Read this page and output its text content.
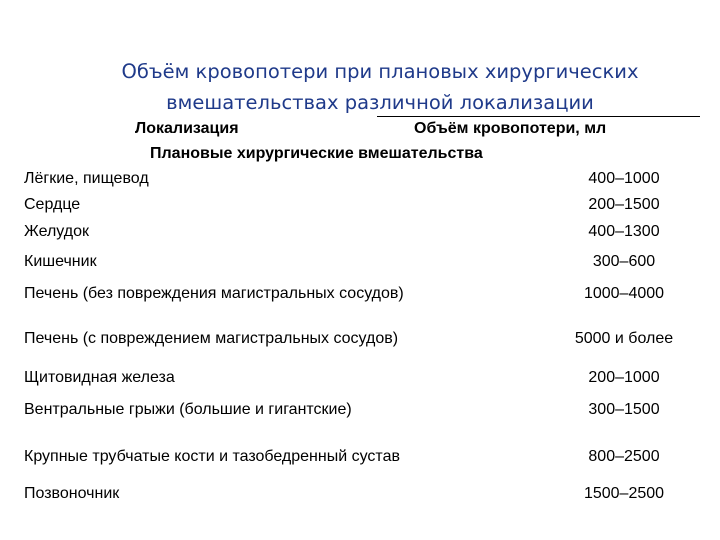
Объём кровопотери при плановых хирургических
вмешательствах различной локализации
Локализация	Объём кровопотери, мл
Плановые хирургические вмешательства
Лёгкие, пищевод	400–1000
Сердце	200–1500
Желудок	400–1300
Кишечник	300–600
Печень (без повреждения магистральных сосудов)	1000–4000
Печень (с повреждением магистральных сосудов)	5000 и более
Щитовидная железа	200–1000
Вентральные грыжи (большие и гигантские)	300–1500
Крупные трубчатые кости и тазобедренный сустав	800–2500
Позвоночник	1500–2500
